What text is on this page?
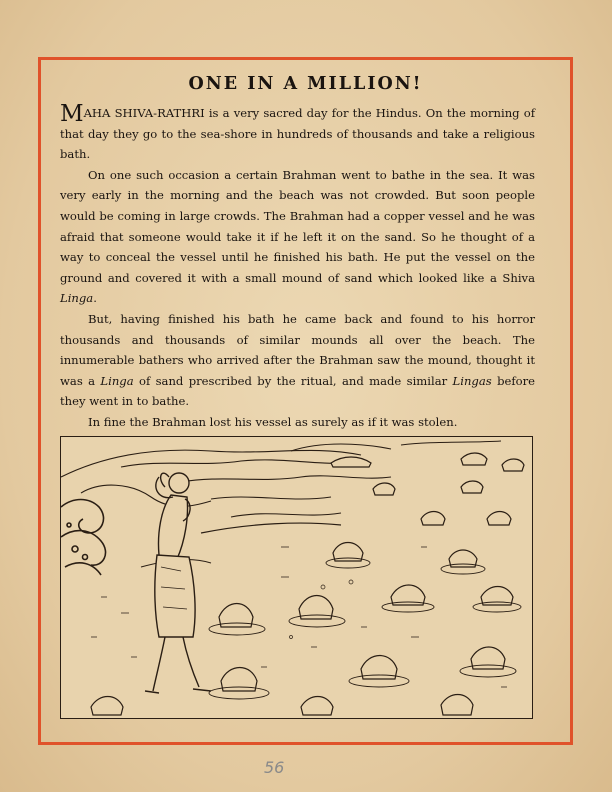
ONE IN A MILLION!

MAHA SHIVA-RATHRI is a very sacred day for the Hindus. On the morning of that day they go to the sea-shore in hundreds of thousands and take a religious bath.

On one such occasion a certain Brahman went to bathe in the sea. It was very early in the morning and the beach was not crowded. But soon people would be coming in large crowds. The Brahman had a copper vessel and he was afraid that someone would take it if he left it on the sand. So he thought of a way to conceal the vessel until he finished his bath. He put the vessel on the ground and covered it with a small mound of sand which looked like a Shiva Linga.

But, having finished his bath he came back and found to his horror thousands and thousands of similar mounds all over the beach. The innumerable bathers who arrived after the Brahman saw the mound, thought it was a Linga of sand prescribed by the ritual, and made similar Lingas before they went in to bathe.

In fine the Brahman lost his vessel as surely as if it was stolen.

56
